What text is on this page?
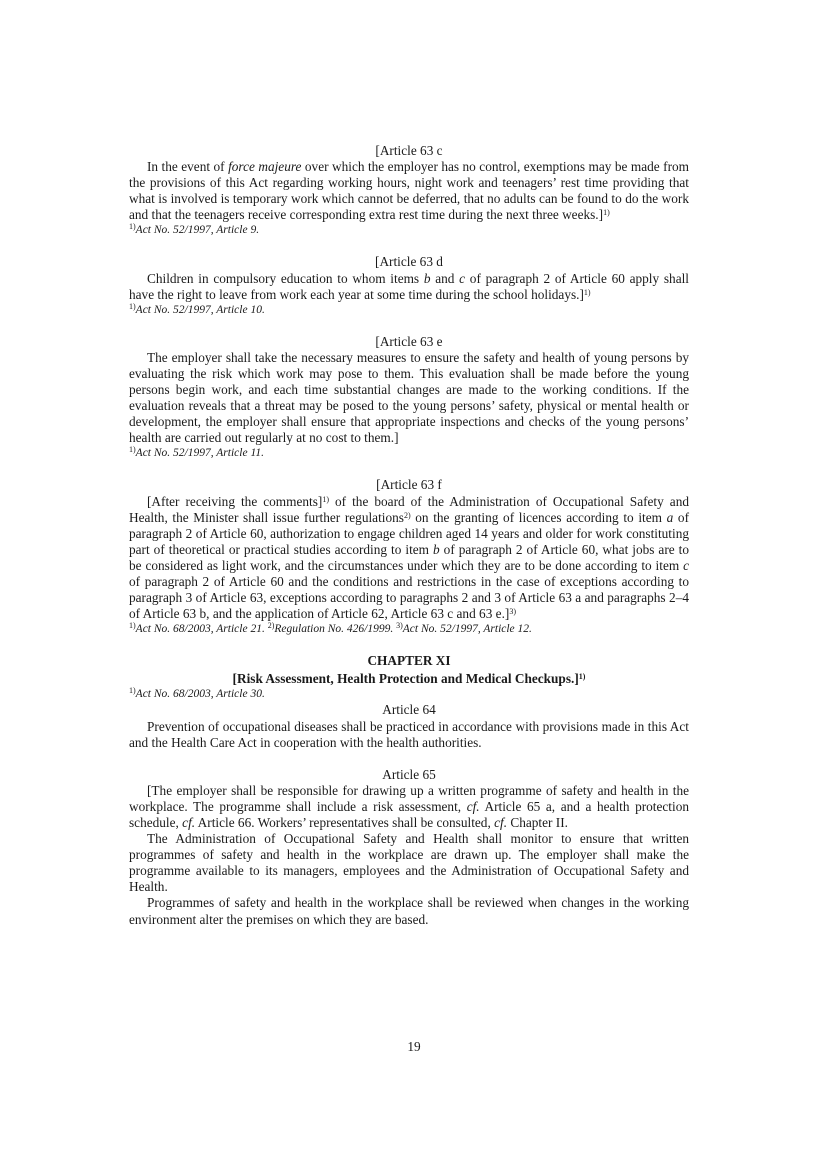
[Article 63 c

In the event of force majeure over which the employer has no control, exemptions may be made from the provisions of this Act regarding working hours, night work and teenagers’ rest time providing that what is involved is temporary work which cannot be deferred, that no adults can be found to do the work and that the teenagers receive corresponding extra rest time during the next three weeks.]$^{1)}$

$^{1)}$Act No. 52/1997, Article 9.
[Article 63 d

Children in compulsory education to whom items b and c of paragraph 2 of Article 60 apply shall have the right to leave from work each year at some time during the school holidays.]$^{1)}$

$^{1)}$Act No. 52/1997, Article 10.
[Article 63 e

The employer shall take the necessary measures to ensure the safety and health of young persons by evaluating the risk which work may pose to them. This evaluation shall be made before the young persons begin work, and each time substantial changes are made to the working conditions. If the evaluation reveals that a threat may be posed to the young persons’ safety, physical or mental health or development, the employer shall ensure that appropriate inspections and checks of the young persons’ health are carried out regularly at no cost to them.]

$^{1)}$Act No. 52/1997, Article 11.
[Article 63 f

[After receiving the comments]$^{1)}$ of the board of the Administration of Occupational Safety and Health, the Minister shall issue further regulations$^{2)}$ on the granting of licences according to item a of paragraph 2 of Article 60, authorization to engage children aged 14 years and older for work constituting part of theoretical or practical studies according to item b of paragraph 2 of Article 60, what jobs are to be considered as light work, and the circumstances under which they are to be done according to item c of paragraph 2 of Article 60 and the conditions and restrictions in the case of exceptions according to paragraph 3 of Article 63, exceptions according to paragraphs 2 and 3 of Article 63 a and paragraphs 2–4 of Article 63 b, and the application of Article 62, Article 63 c and 63 e.]$^{3)}$

$^{1)}$Act No. 68/2003, Article 21. $^{2)}$Regulation No. 426/1999. $^{3)}$Act No. 52/1997, Article 12.
CHAPTER XI
[Risk Assessment, Health Protection and Medical Checkups.]$^{1)}$
$^{1)}$Act No. 68/2003, Article 30.
Article 64

Prevention of occupational diseases shall be practiced in accordance with provisions made in this Act and the Health Care Act in cooperation with the health authorities.

Article 65

[The employer shall be responsible for drawing up a written programme of safety and health in the workplace. The programme shall include a risk assessment, cf. Article 65 a, and a health protection schedule, cf. Article 66. Workers’ representatives shall be consulted, cf. Chapter II.

The Administration of Occupational Safety and Health shall monitor to ensure that written programmes of safety and health in the workplace are drawn up. The employer shall make the programme available to its managers, employees and the Administration of Occupational Safety and Health.

Programmes of safety and health in the workplace shall be reviewed when changes in the working environment alter the premises on which they are based.

19
